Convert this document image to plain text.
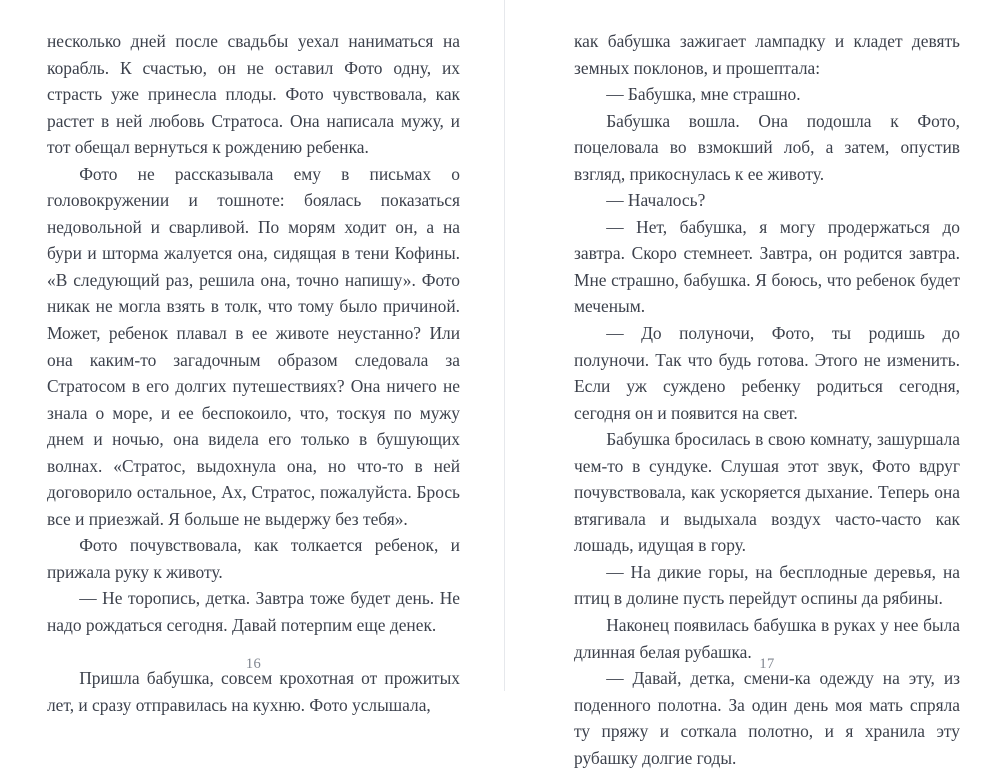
несколько дней после свадьбы уехал наниматься на корабль. К счастью, он не оставил Фото одну, их страсть уже принесла плоды. Фото чувствовала, как растет в ней любовь Стратоса. Она написала мужу, и тот обещал вернуться к рождению ребенка.

Фото не рассказывала ему в письмах о головокружении и тошноте: боялась показаться недовольной и сварливой. По морям ходит он, а на бури и шторма жалуется она, сидящая в тени Кофины. «В следующий раз, решила она, точно напишу». Фото никак не могла взять в толк, что тому было причиной. Может, ребенок плавал в ее животе неустанно? Или она каким-то загадочным образом следовала за Стратосом в его долгих путешествиях? Она ничего не знала о море, и ее беспокоило, что, тоскуя по мужу днем и ночью, она видела его только в бушующих волнах. «Стратос, выдохнула она, но что-то в ней договорило остальное, Ах, Стратос, пожалуйста. Брось все и приезжай. Я больше не выдержу без тебя».

Фото почувствовала, как толкается ребенок, и прижала руку к животу.

— Не торопись, детка. Завтра тоже будет день. Не надо рождаться сегодня. Давай потерпим еще денек.

Пришла бабушка, совсем крохотная от прожитых лет, и сразу отправилась на кухню. Фото услышала,

16

как бабушка зажигает лампадку и кладет девять земных поклонов, и прошептала:

— Бабушка, мне страшно.

Бабушка вошла. Она подошла к Фото, поцеловала во взмокший лоб, а затем, опустив взгляд, прикоснулась к ее животу.

— Началось?

— Нет, бабушка, я могу продержаться до завтра. Скоро стемнеет. Завтра, он родится завтра. Мне страшно, бабушка. Я боюсь, что ребенок будет меченым.

— До полуночи, Фото, ты родишь до полуночи. Так что будь готова. Этого не изменить. Если уж суждено ребенку родиться сегодня, сегодня он и появится на свет.

Бабушка бросилась в свою комнату, зашуршала чем-то в сундуке. Слушая этот звук, Фото вдруг почувствовала, как ускоряется дыхание. Теперь она втягивала и выдыхала воздух часто-часто как лошадь, идущая в гору.

— На дикие горы, на бесплодные деревья, на птиц в долине пусть перейдут оспины да рябины.

Наконец появилась бабушка в руках у нее была длинная белая рубашка.

— Давай, детка, смени-ка одежду на эту, из поденного полотна. За один день моя мать спряла ту пряжу и соткала полотно, и я хранила эту рубашку долгие годы.

17
